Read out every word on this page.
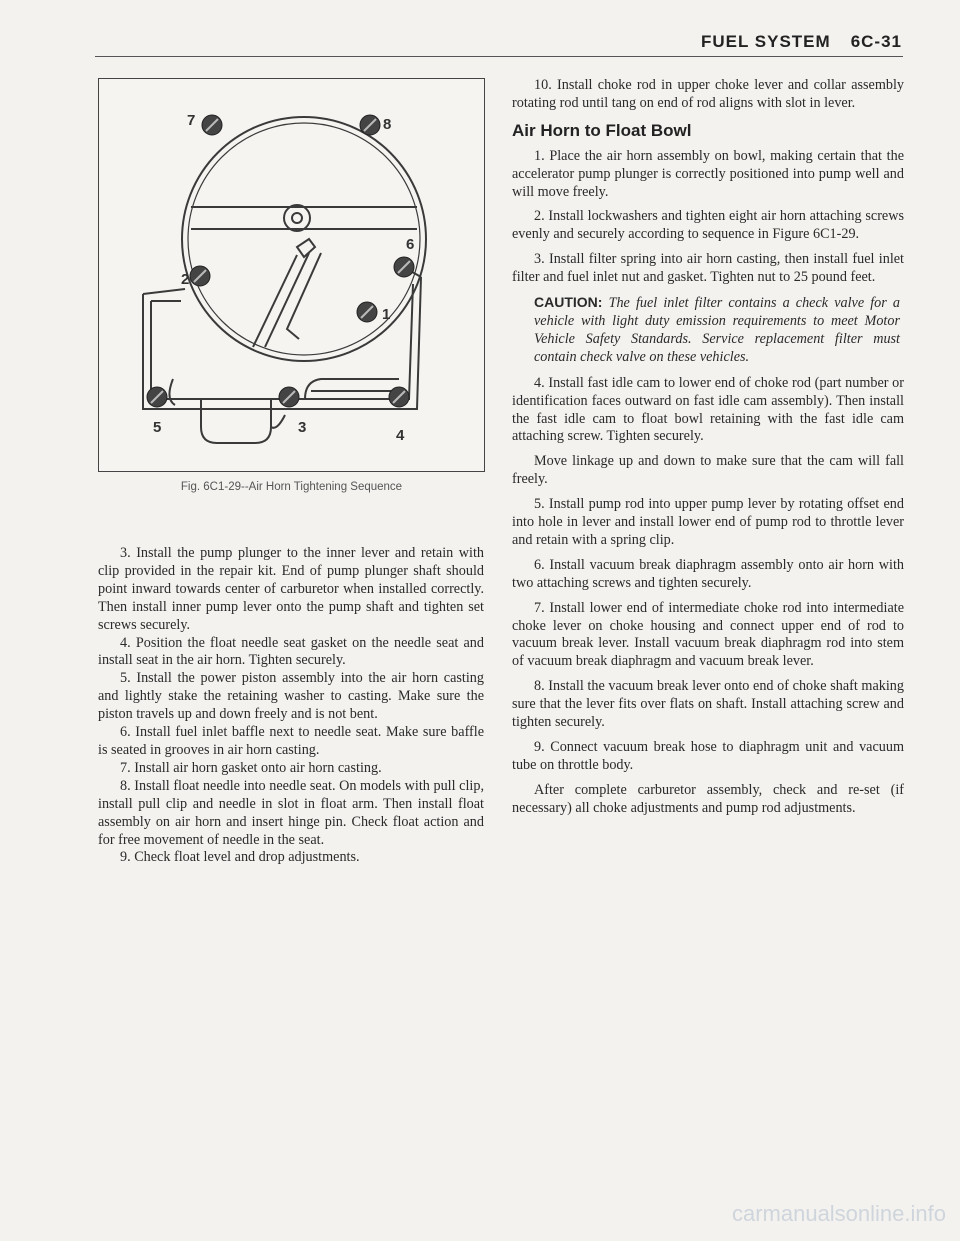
FUEL SYSTEM 6C-31
7	8
6
2
1
5	3	4
Fig. 6C1-29--Air Horn Tightening Sequence

3. Install the pump plunger to the inner lever and retain with clip provided in the repair kit. End of pump plunger shaft should point inward towards center of carburetor when installed correctly. Then install inner pump lever onto the pump shaft and tighten set screws securely.

4. Position the float needle seat gasket on the needle seat and install seat in the air horn. Tighten securely.

5. Install the power piston assembly into the air horn casting and lightly stake the retaining washer to casting. Make sure the piston travels up and down freely and is not bent.

6. Install fuel inlet baffle next to needle seat. Make sure baffle is seated in grooves in air horn casting.

7. Install air horn gasket onto air horn casting.

8. Install float needle into needle seat. On models with pull clip, install pull clip and needle in slot in float arm. Then install float assembly on air horn and insert hinge pin. Check float action and for free movement of needle in the seat.

9. Check float level and drop adjustments.

10. Install choke rod in upper choke lever and collar assembly rotating rod until tang on end of rod aligns with slot in lever.

Air Horn to Float Bowl

1. Place the air horn assembly on bowl, making certain that the accelerator pump plunger is correctly positioned into pump well and will move freely.

2. Install lockwashers and tighten eight air horn attaching screws evenly and securely according to sequence in Figure 6C1-29.

3. Install filter spring into air horn casting, then install fuel inlet filter and fuel inlet nut and gasket. Tighten nut to 25 pound feet.

CAUTION: The fuel inlet filter contains a check valve for a vehicle with light duty emission requirements to meet Motor Vehicle Safety Standards. Service replacement filter must contain check valve on these vehicles.

4. Install fast idle cam to lower end of choke rod (part number or identification faces outward on fast idle cam assembly). Then install the fast idle cam to float bowl retaining with the fast idle cam attaching screw. Tighten securely.

Move linkage up and down to make sure that the cam will fall freely.

5. Install pump rod into upper pump lever by rotating offset end into hole in lever and install lower end of pump rod to throttle lever and retain with a spring clip.

6. Install vacuum break diaphragm assembly onto air horn with two attaching screws and tighten securely.

7. Install lower end of intermediate choke rod into intermediate choke lever on choke housing and connect upper end of rod to vacuum break lever. Install vacuum break diaphragm rod into stem of vacuum break diaphragm and vacuum break lever.

8. Install the vacuum break lever onto end of choke shaft making sure that the lever fits over flats on shaft. Install attaching screw and tighten securely.

9. Connect vacuum break hose to diaphragm unit and vacuum tube on throttle body.

After complete carburetor assembly, check and re-set (if necessary) all choke adjustments and pump rod adjustments.

carmanualsonline.info
